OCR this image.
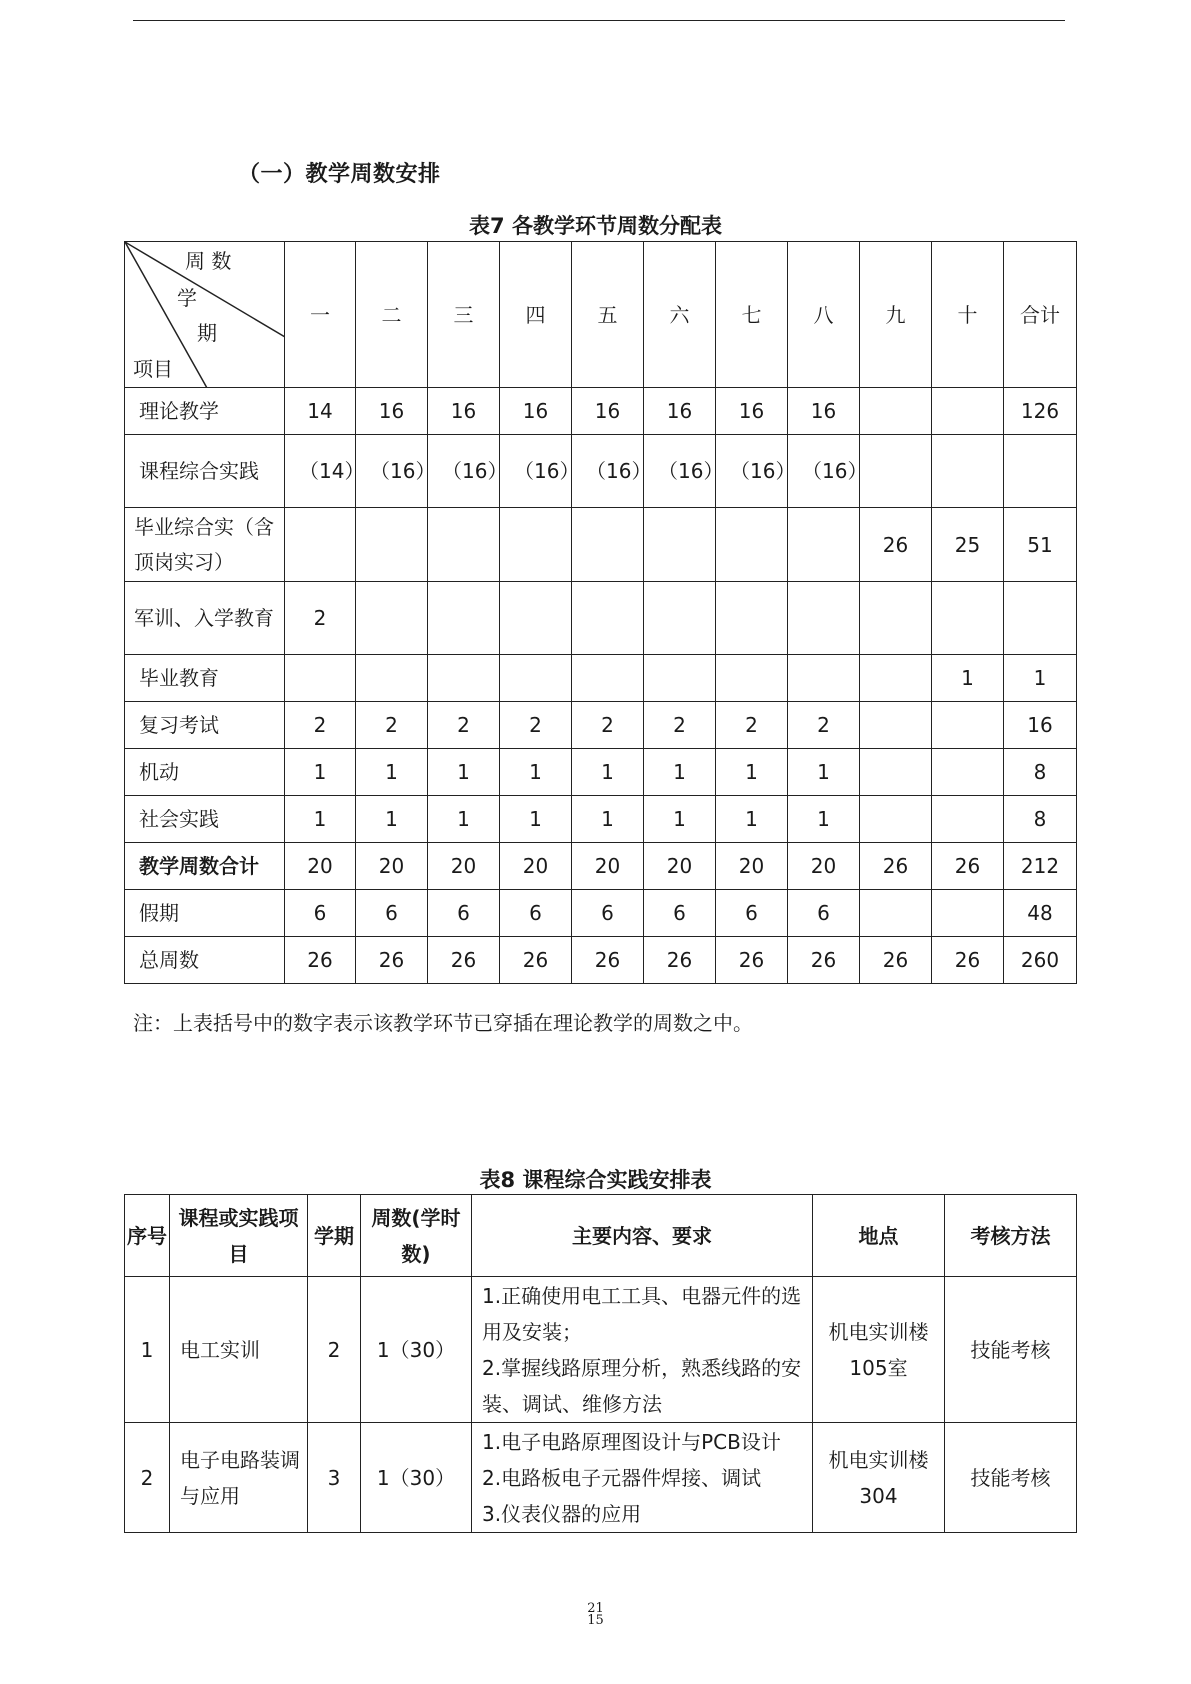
（一）教学周数安排
表7 各教学环节周数分配表
周 数
学
期
项目	一	二	三	四	五	六	七	八	九	十	合计
理论教学	14	16	16	16	16	16	16	16			126
课程综合实践	（14）	（16）	（16）	（16）	（16）	（16）	（16）	（16）			
毕业综合实（含顶岗实习）									26	25	51
军训、入学教育	2										
毕业教育										1	1
复习考试	2	2	2	2	2	2	2	2			16
机动	1	1	1	1	1	1	1	1			8
社会实践	1	1	1	1	1	1	1	1			8
教学周数合计	20	20	20	20	20	20	20	20	26	26	212
假期	6	6	6	6	6	6	6	6			48
总周数	26	26	26	26	26	26	26	26	26	26	260
注：上表括号中的数字表示该教学环节已穿插在理论教学的周数之中。
表8 课程综合实践安排表
序号	课程或实践项目	学期	周数(学时数)	主要内容、要求	地点	考核方法
1	电工实训	2	1（30）	1.正确使用电工工具、电器元件的选用及安装；
2.掌握线路原理分析，熟悉线路的安装、调试、维修方法	机电实训楼105室	技能考核
2	电子电路装调与应用	3	1（30）	1.电子电路原理图设计与PCB设计
2.电路板电子元器件焊接、调试
3.仪表仪器的应用	机电实训楼304	技能考核
21
15
